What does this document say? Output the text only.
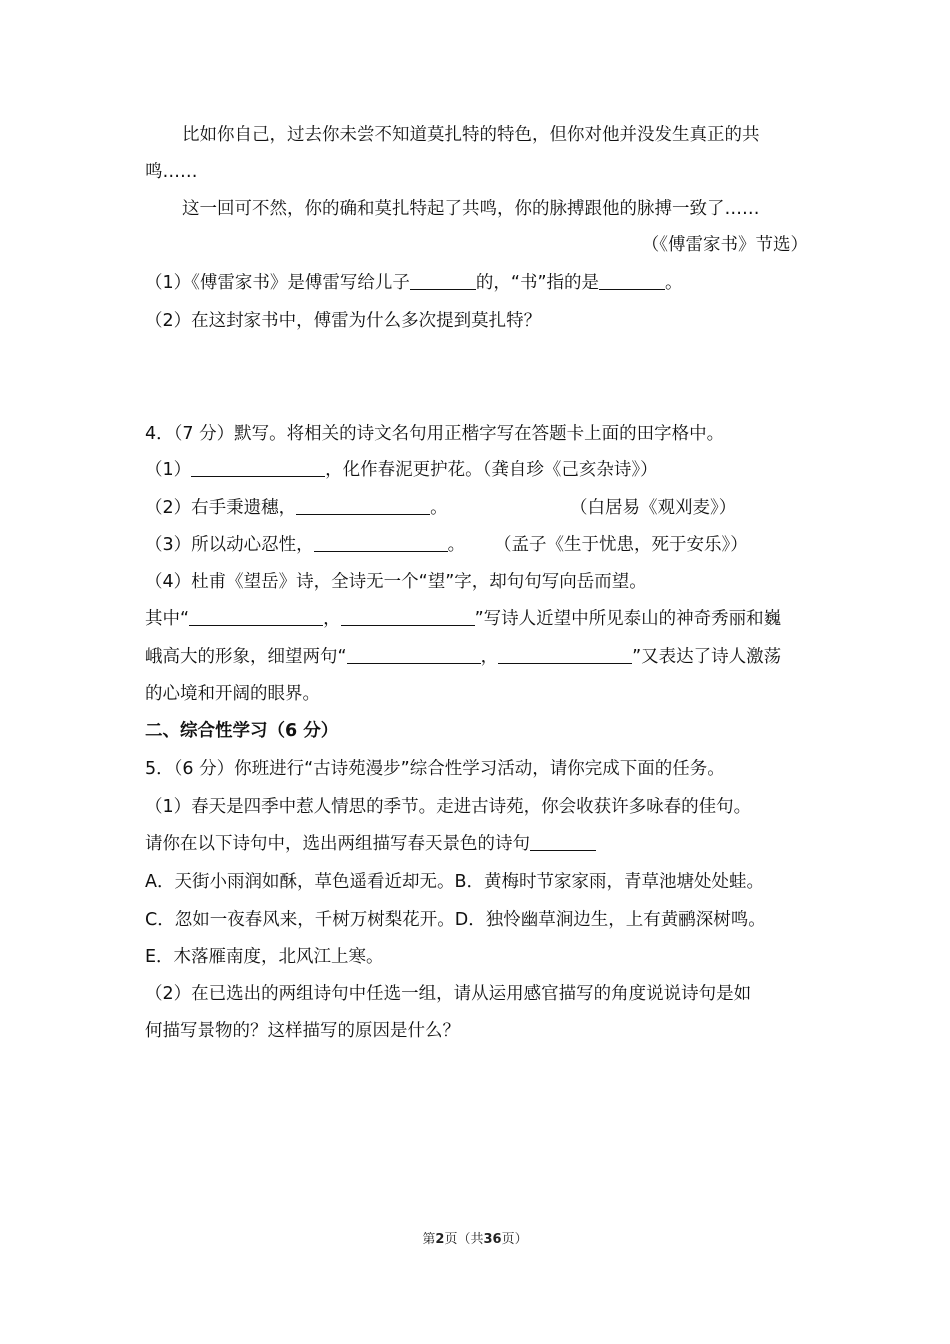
比如你自己，过去你未尝不知道莫扎特的特色，但你对他并没发生真正的共
鸣……
这一回可不然，你的确和莫扎特起了共鸣，你的脉搏跟他的脉搏一致了……
（《傅雷家书》节选）
（1）《傅雷家书》是傅雷写给儿子	的，“书”指的是	。
（2）在这封家书中，傅雷为什么多次提到莫扎特？
4．（7 分）默写。将相关的诗文名句用正楷字写在答题卡上面的田字格中。
（1）	，化作春泥更护花。（龚自珍《己亥杂诗》）
（2）右手秉遗穗，	。	（白居易《观刈麦》）
（3）所以动心忍性，	。	（孟子《生于忧患，死于安乐》）
（4）杜甫《望岳》诗，全诗无一个“望”字，却句句写向岳而望。
其中“	，	”写诗人近望中所见泰山的神奇秀丽和巍
峨高大的形象，细望两句“	，	”又表达了诗人激荡
的心境和开阔的眼界。
二、综合性学习（6 分）
5．（6 分）你班进行“古诗苑漫步”综合性学习活动，请你完成下面的任务。
（1）春天是四季中惹人情思的季节。走进古诗苑，你会收获许多咏春的佳句。
请你在以下诗句中，选出两组描写春天景色的诗句
A．天街小雨润如酥，草色遥看近却无。B．黄梅时节家家雨，青草池塘处处蛙。
C．忽如一夜春风来，千树万树梨花开。D．独怜幽草涧边生，上有黄鹂深树鸣。
E．木落雁南度，北风江上寒。
（2）在已选出的两组诗句中任选一组，请从运用感官描写的角度说说诗句是如
何描写景物的？这样描写的原因是什么？
第2页（共36页）
